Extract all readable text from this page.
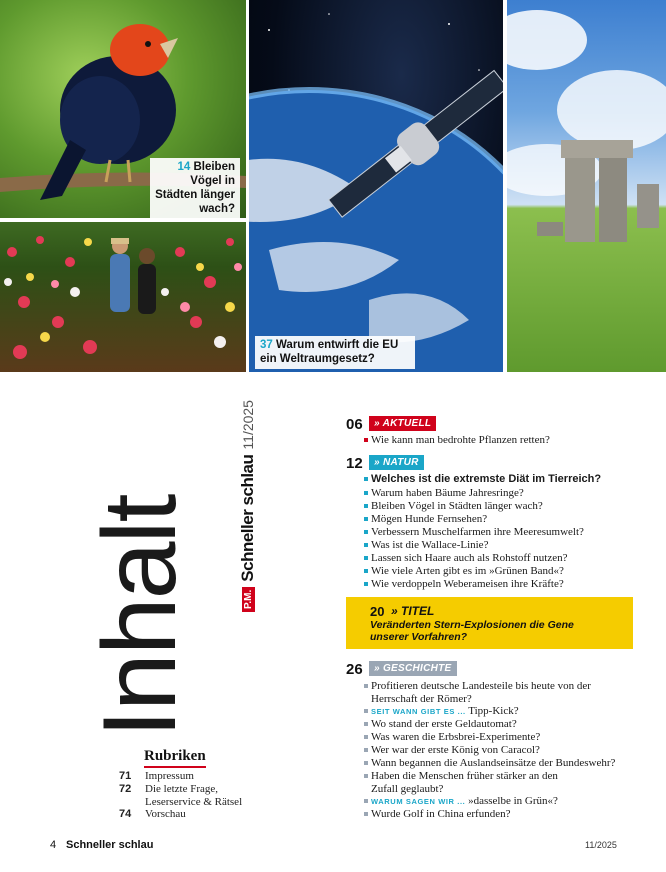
14 Bleiben Vögel in Städten länger wach?
37 Warum entwirft die EU ein Weltraumgesetz?
Inhalt	P.M.
Schneller schlau
11/2025
Rubriken
71	Impressum
72	Die letzte Frage, Leserservice & Rätsel
74	Vorschau
06	» AKTUELL
Wie kann man bedrohte Pflanzen retten?
12	» NATUR
Welches ist die extremste Diät im Tierreich?
Warum haben Bäume Jahresringe?
Bleiben Vögel in Städten länger wach?
Mögen Hunde Fernsehen?
Verbessern Muschelfarmen ihre Meeresumwelt?
Was ist die Wallace-Linie?
Lassen sich Haare auch als Rohstoff nutzen?
Wie viele Arten gibt es im »Grünen Band«?
Wie verdoppeln Weberameisen ihre Kräfte?
20 » TITEL
Veränderten Stern-Explosionen die Gene unserer Vorfahren?
26	» GESCHICHTE
Profitieren deutsche Landesteile bis heute von der Herrschaft der Römer?
SEIT WANN GIBT ES ... Tipp-Kick?
Wo stand der erste Geldautomat?
Was waren die Erbsbrei-Experimente?
Wer war der erste König von Caracol?
Wann begannen die Auslandseinsätze der Bundeswehr?
Haben die Menschen früher stärker an den Zufall geglaubt?
WARUM SAGEN WIR ... »dasselbe in Grün«?
Wurde Golf in China erfunden?
4 Schneller schlau	11/2025
